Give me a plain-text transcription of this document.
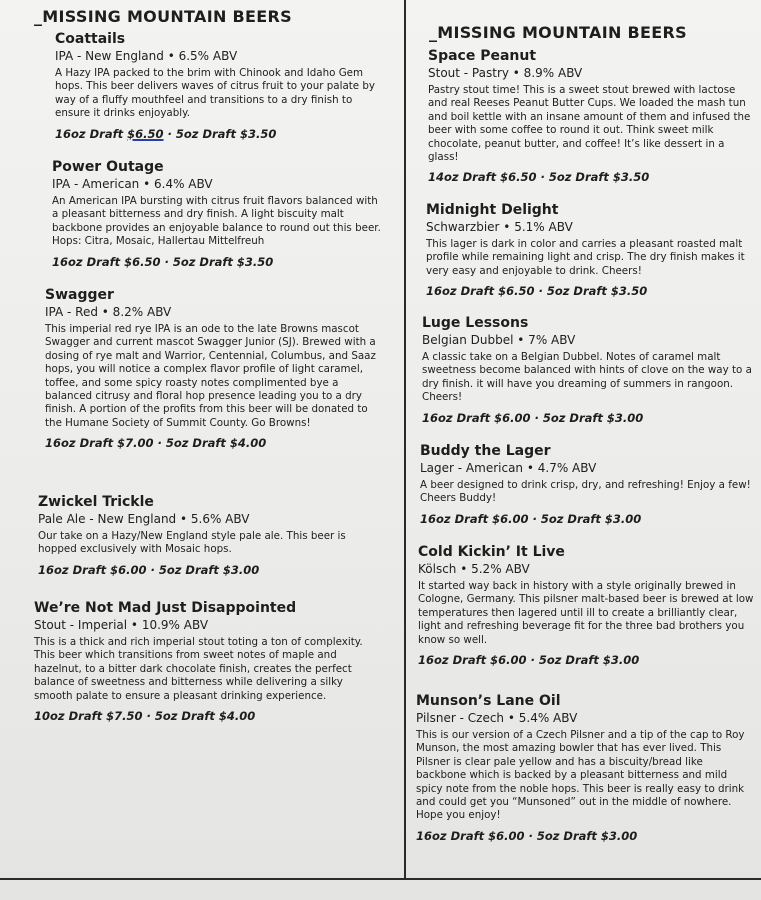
_MISSING MOUNTAIN BEERS
Coattails
IPA - New England • 6.5% ABV
A Hazy IPA packed to the brim with Chinook and Idaho Gem hops. This beer delivers waves of citrus fruit to your palate by way of a fluffy mouthfeel and transitions to a dry finish to ensure it drinks enjoyably.
16oz Draft $6.50 · 5oz Draft $3.50
Power Outage
IPA - American • 6.4% ABV
An American IPA bursting with citrus fruit flavors balanced with a pleasant bitterness and dry finish. A light biscuity malt backbone provides an enjoyable balance to round out this beer. Hops: Citra, Mosaic, Hallertau Mittelfreuh
16oz Draft $6.50 · 5oz Draft $3.50
Swagger
IPA - Red • 8.2% ABV
This imperial red rye IPA is an ode to the late Browns mascot Swagger and current mascot Swagger Junior (SJ). Brewed with a dosing of rye malt and Warrior, Centennial, Columbus, and Saaz hops, you will notice a complex flavor profile of light caramel, toffee, and some spicy roasty notes complimented bye a balanced citrusy and floral hop presence leading you to a dry finish. A portion of the profits from this beer will be donated to the Humane Society of Summit County. Go Browns!
16oz Draft $7.00 · 5oz Draft $4.00
Zwickel Trickle
Pale Ale - New England • 5.6% ABV
Our take on a Hazy/New England style pale ale. This beer is hopped exclusively with Mosaic hops.
16oz Draft $6.00 · 5oz Draft $3.00
We’re Not Mad Just Disappointed
Stout - Imperial • 10.9% ABV
This is a thick and rich imperial stout toting a ton of complexity. This beer which transitions from sweet notes of maple and hazelnut, to a bitter dark chocolate finish, creates the perfect balance of sweetness and bitterness while delivering a silky smooth palate to ensure a pleasant drinking experience.
10oz Draft $7.50 · 5oz Draft $4.00
_MISSING MOUNTAIN BEERS
Space Peanut
Stout - Pastry • 8.9% ABV
Pastry stout time! This is a sweet stout brewed with lactose and real Reeses Peanut Butter Cups. We loaded the mash tun and boil kettle with an insane amount of them and infused the beer with some coffee to round it out. Think sweet milk chocolate, peanut butter, and coffee! It’s like dessert in a glass!
14oz Draft $6.50 · 5oz Draft $3.50
Midnight Delight
Schwarzbier • 5.1% ABV
This lager is dark in color and carries a pleasant roasted malt profile while remaining light and crisp. The dry finish makes it very easy and enjoyable to drink. Cheers!
16oz Draft $6.50 · 5oz Draft $3.50
Luge Lessons
Belgian Dubbel • 7% ABV
A classic take on a Belgian Dubbel. Notes of caramel malt sweetness become balanced with hints of clove on the way to a dry finish. it will have you dreaming of summers in rangoon. Cheers!
16oz Draft $6.00 · 5oz Draft $3.00
Buddy the Lager
Lager - American • 4.7% ABV
A beer designed to drink crisp, dry, and refreshing! Enjoy a few! Cheers Buddy!
16oz Draft $6.00 · 5oz Draft $3.00
Cold Kickin’ It Live
Kölsch • 5.2% ABV
It started way back in history with a style originally brewed in Cologne, Germany. This pilsner malt-based beer is brewed at low temperatures then lagered until ill to create a brilliantly clear, light and refreshing beverage fit for the three bad brothers you know so well.
16oz Draft $6.00 · 5oz Draft $3.00
Munson’s Lane Oil
Pilsner - Czech • 5.4% ABV
This is our version of a Czech Pilsner and a tip of the cap to Roy Munson, the most amazing bowler that has ever lived. This Pilsner is clear pale yellow and has a biscuity/bread like backbone which is backed by a pleasant bitterness and mild spicy note from the noble hops. This beer is really easy to drink and could get you “Munsoned” out in the middle of nowhere. Hope you enjoy!
16oz Draft $6.00 · 5oz Draft $3.00
